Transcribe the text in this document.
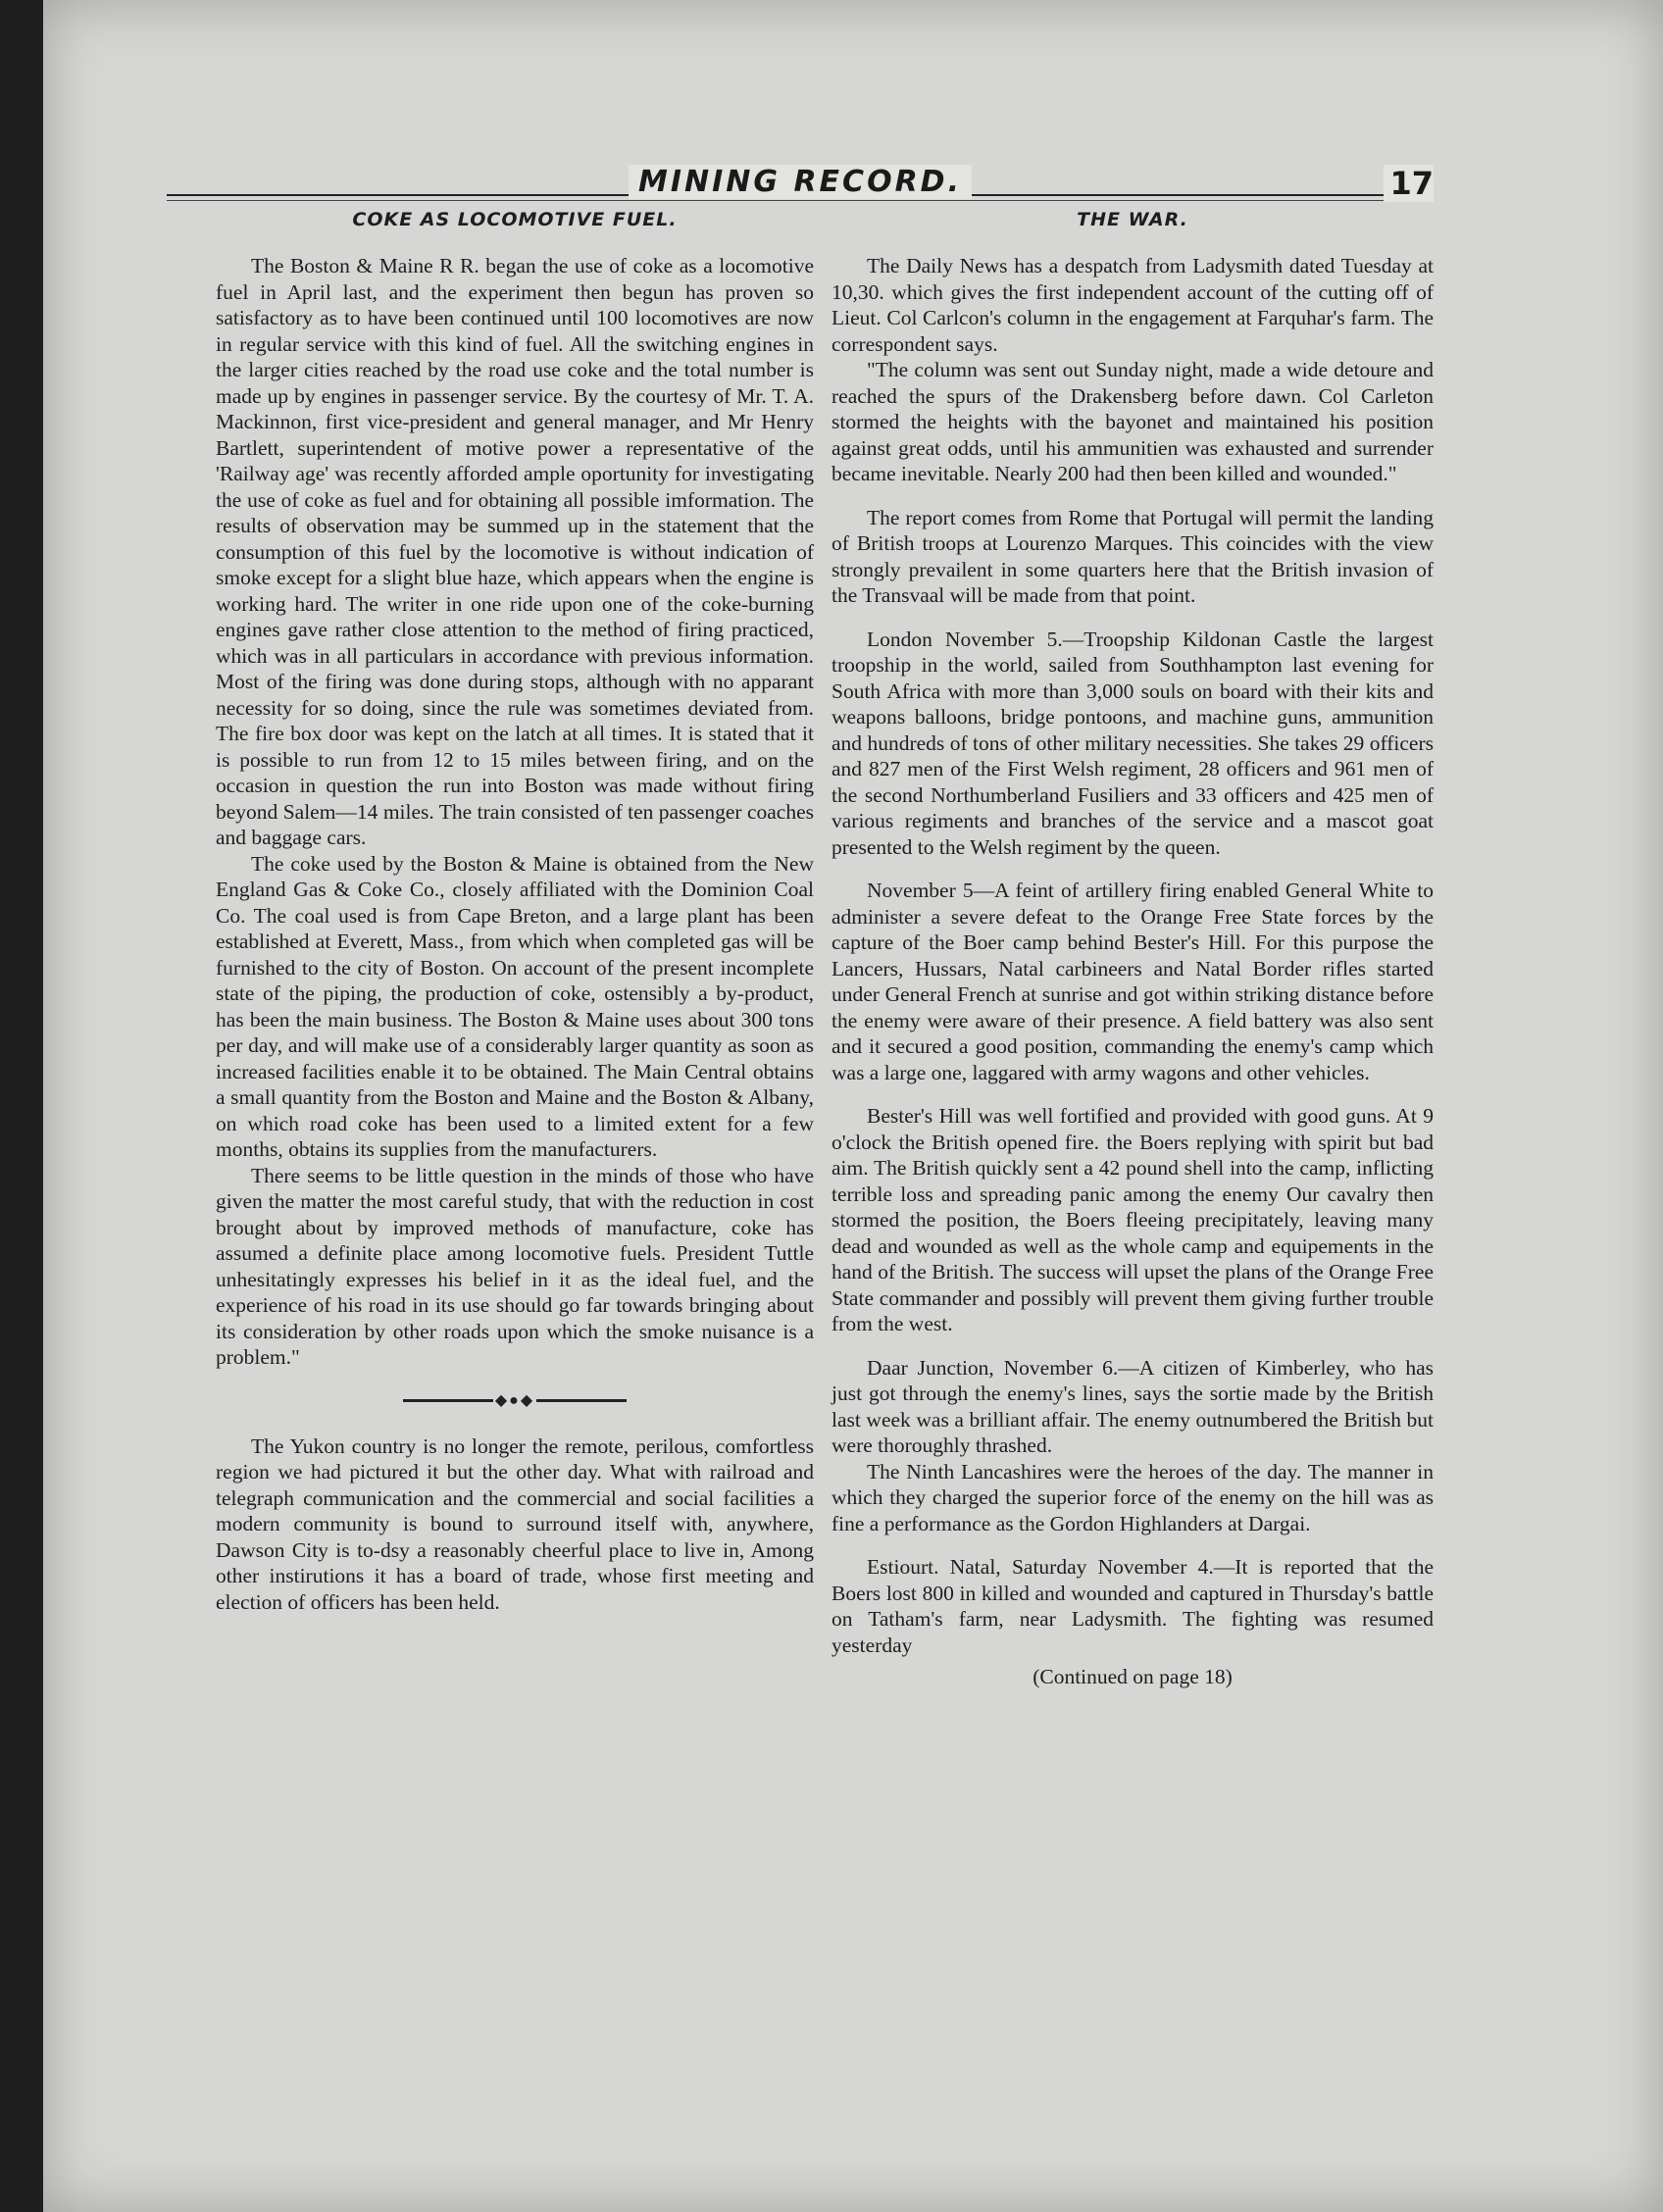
MINING RECORD.	17
COKE AS LOCOMOTIVE FUEL.

The Boston & Maine R R. began the use of coke as a locomotive fuel in April last, and the experiment then begun has proven so satisfactory as to have been continued until 100 locomotives are now in regular service with this kind of fuel. All the switching engines in the larger cities reached by the road use coke and the total number is made up by engines in passenger service. By the courtesy of Mr. T. A. Mackinnon, first vice-president and general manager, and Mr Henry Bartlett, superintendent of motive power a representative of the 'Railway age' was recently afforded ample oportunity for investigating the use of coke as fuel and for obtaining all possible imformation. The results of observation may be summed up in the statement that the consumption of this fuel by the locomotive is without indication of smoke except for a slight blue haze, which appears when the engine is working hard. The writer in one ride upon one of the coke-burning engines gave rather close attention to the method of firing practiced, which was in all particulars in accordance with previous information. Most of the firing was done during stops, although with no apparant necessity for so doing, since the rule was sometimes deviated from. The fire box door was kept on the latch at all times. It is stated that it is possible to run from 12 to 15 miles between firing, and on the occasion in question the run into Boston was made without firing beyond Salem—14 miles. The train consisted of ten passenger coaches and baggage cars.

The coke used by the Boston & Maine is obtained from the New England Gas & Coke Co., closely affiliated with the Dominion Coal Co. The coal used is from Cape Breton, and a large plant has been established at Everett, Mass., from which when completed gas will be furnished to the city of Boston. On account of the present incomplete state of the piping, the production of coke, ostensibly a by-product, has been the main business. The Boston & Maine uses about 300 tons per day, and will make use of a considerably larger quantity as soon as increased facilities enable it to be obtained. The Main Central obtains a small quantity from the Boston and Maine and the Boston & Albany, on which road coke has been used to a limited extent for a few months, obtains its supplies from the manufacturers.

There seems to be little question in the minds of those who have given the matter the most careful study, that with the reduction in cost brought about by improved methods of manufacture, coke has assumed a definite place among locomotive fuels. President Tuttle unhesitatingly expresses his belief in it as the ideal fuel, and the experience of his road in its use should go far towards bringing about its consideration by other roads upon which the smoke nuisance is a problem."

◆●◆

The Yukon country is no longer the remote, perilous, comfortless region we had pictured it but the other day. What with railroad and telegraph communication and the commercial and social facilities a modern community is bound to surround itself with, anywhere, Dawson City is to-dsy a reasonably cheerful place to live in, Among other instirutions it has a board of trade, whose first meeting and election of officers has been held.

THE WAR.

The Daily News has a despatch from Ladysmith dated Tuesday at 10,30. which gives the first independent account of the cutting off of Lieut. Col Carlcon's column in the engagement at Farquhar's farm. The correspondent says.

"The column was sent out Sunday night, made a wide detoure and reached the spurs of the Drakensberg before dawn. Col Carleton stormed the heights with the bayonet and maintained his position against great odds, until his ammunitien was exhausted and surrender became inevitable. Nearly 200 had then been killed and wounded."

The report comes from Rome that Portugal will permit the landing of British troops at Lourenzo Marques. This coincides with the view strongly prevailent in some quarters here that the British invasion of the Transvaal will be made from that point.

London November 5.—Troopship Kildonan Castle the largest troopship in the world, sailed from Southhampton last evening for South Africa with more than 3,000 souls on board with their kits and weapons balloons, bridge pontoons, and machine guns, ammunition and hundreds of tons of other military necessities. She takes 29 officers and 827 men of the First Welsh regiment, 28 officers and 961 men of the second Northumberland Fusiliers and 33 officers and 425 men of various regiments and branches of the service and a mascot goat presented to the Welsh regiment by the queen.

November 5—A feint of artillery firing enabled General White to administer a severe defeat to the Orange Free State forces by the capture of the Boer camp behind Bester's Hill. For this purpose the Lancers, Hussars, Natal carbineers and Natal Border rifles started under General French at sunrise and got within striking distance before the enemy were aware of their presence. A field battery was also sent and it secured a good position, commanding the enemy's camp which was a large one, laggared with army wagons and other vehicles.

Bester's Hill was well fortified and provided with good guns. At 9 o'clock the British opened fire. the Boers replying with spirit but bad aim. The British quickly sent a 42 pound shell into the camp, inflicting terrible loss and spreading panic among the enemy Our cavalry then stormed the position, the Boers fleeing precipitately, leaving many dead and wounded as well as the whole camp and equipements in the hand of the British. The success will upset the plans of the Orange Free State commander and possibly will prevent them giving further trouble from the west.

Daar Junction, November 6.—A citizen of Kimberley, who has just got through the enemy's lines, says the sortie made by the British last week was a brilliant affair. The enemy outnumbered the British but were thoroughly thrashed.

The Ninth Lancashires were the heroes of the day. The manner in which they charged the superior force of the enemy on the hill was as fine a performance as the Gordon Highlanders at Dargai.

Estiourt. Natal, Saturday November 4.—It is reported that the Boers lost 800 in killed and wounded and captured in Thursday's battle on Tatham's farm, near Ladysmith. The fighting was resumed yesterday

(Continued on page 18)
